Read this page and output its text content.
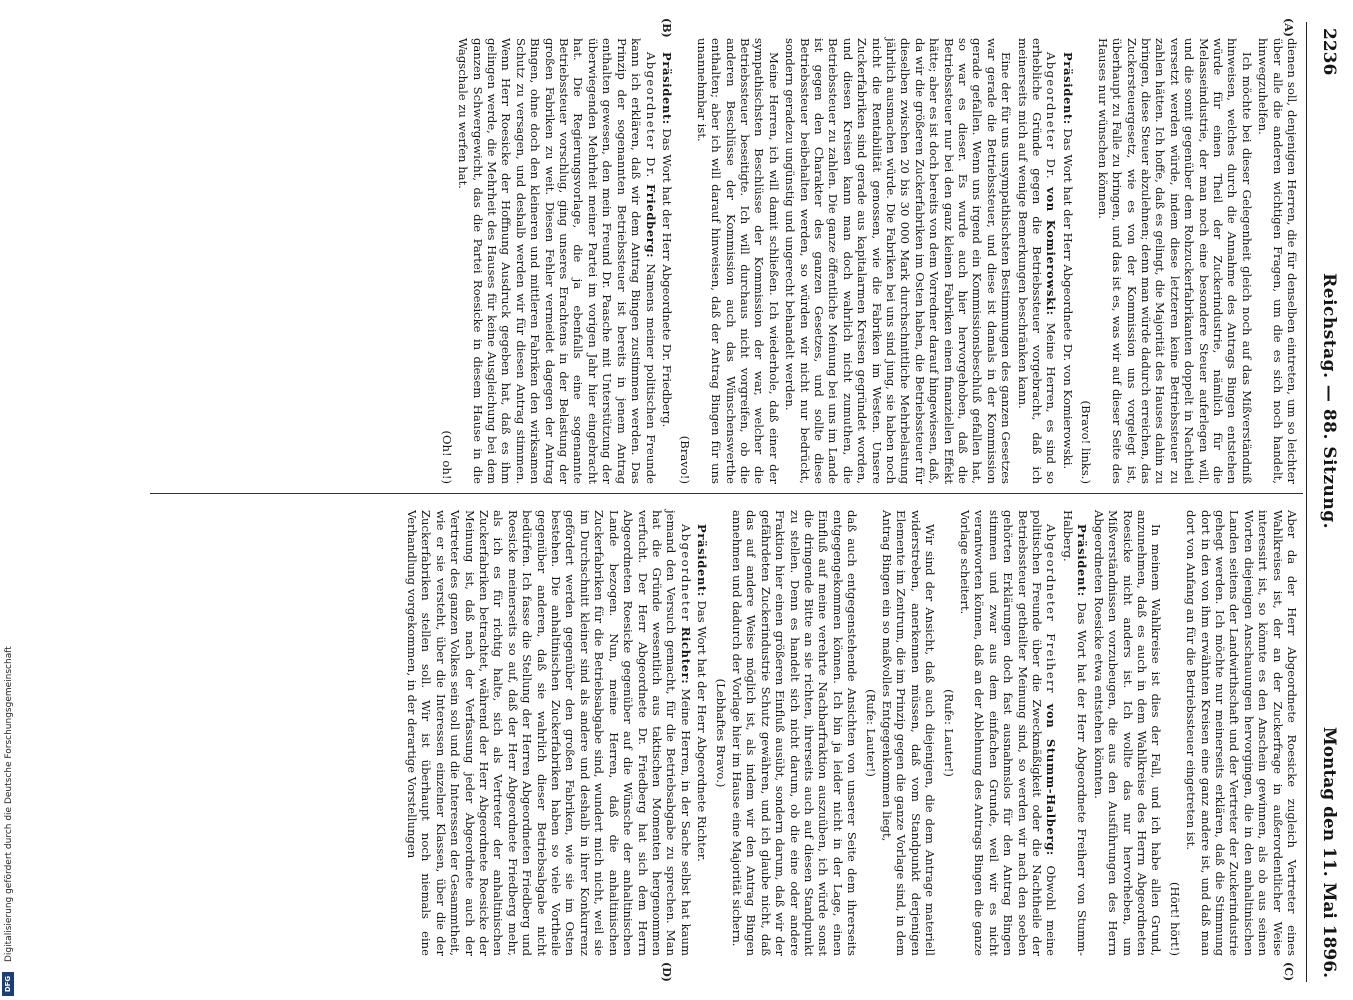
2236
Reichstag. — 88. Sitzung.
Montag den 11. Mai 1896.
(A)
(B)
(C)
(D)

dienen soll, denjenigen Herren, die für denselben eintreten, um so leichter über alle die anderen wichtigen Fragen, um die es sich noch handelt, hinwegzuhelfen.

Ich möchte bei dieser Gelegenheit gleich noch auf das Mißverständniß hinweisen, welches durch die Annahme des Antrags Bingen entstehen würde für einen Theil der Zuckerindustrie, nämlich für die Melasseindustrie, der man noch eine besondere Steuer auferlegen will, und die somit gegenüber dem Rohzuckerfabrikanten doppelt in Nachtheil versetzt werden würde, indem diese letzteren keine Betriebssteuer zu zahlen hätten. Ich hoffe, daß es gelingt, die Majorität des Hauses dahin zu bringen, diese Steuer abzulehnen; denn man würde dadurch erreichen, das Zuckersteuergesetz, wie es von der Kommission uns vorgelegt ist, überhaupt zu Falle zu bringen, und das ist es, was wir auf dieser Seite des Hauses nur wünschen können.

(Bravo! links.)

Präsident: Das Wort hat der Herr Abgeordnete Dr. von Komierowski.

Abgeordneter Dr. von Komierowski: Meine Herren, es sind so erhebliche Gründe gegen die Betriebssteuer vorgebracht, daß ich meinerseits mich auf wenige Bemerkungen beschränken kann.

Eine der für uns unsympathischsten Bestimmungen des ganzen Gesetzes war gerade die Betriebssteuer, und diese ist damals in der Kommission gerade gefallen. Wenn uns irgend ein Kommissionsbeschluß gefallen hat, so war es dieser. Es wurde auch hier hervorgehoben, daß die Betriebssteuer nur bei den ganz kleinen Fabriken einen finanziellen Effekt hätte; aber es ist doch bereits von dem Vorredner darauf hingewiesen, daß, da wir die größeren Zuckerfabriken im Osten haben, die Betriebssteuer für dieselben zwischen 20 bis 30 000 Mark durchschnittliche Mehrbelastung jährlich ausmachen würde. Die Fabriken bei uns sind jung, sie haben noch nicht die Rentabilität genossen, wie die Fabriken im Westen. Unsere Zuckerfabriken sind gerade aus kapitalarmen Kreisen gegründet worden, und diesen Kreisen kann man doch wahrlich nicht zumuthen, die Betriebssteuer zu zahlen. Die ganze öffentliche Meinung bei uns im Lande ist gegen den Charakter des ganzen Gesetzes, und sollte diese Betriebssteuer beibehalten werden, so würden wir nicht nur bedrückt, sondern geradezu ungünstig und ungerecht behandelt werden.

Meine Herren, ich will damit schließen. Ich wiederhole, daß einer der sympathischsten Beschlüsse der Kommission der war, welcher die Betriebssteuer beseitigte. Ich will durchaus nicht vorgreifen, ob die anderen Beschlüsse der Kommission auch das Wünschenswerthe enthalten; aber ich will darauf hinweisen, daß der Antrag Bingen für uns unannehmbar ist.

(Bravo!)

Präsident: Das Wort hat der Herr Abgeordnete Dr. Friedberg.

Abgeordneter Dr. Friedberg: Namens meiner politischen Freunde kann ich erklären, daß wir dem Antrag Bingen zustimmen werden. Das Prinzip der sogenannten Betriebssteuer ist bereits in jenem Antrag enthalten gewesen, den mein Freund Dr. Paasche mit Unterstützung der überwiegenden Mehrheit meiner Partei im vorigen Jahr hier eingebracht hat. Die Regierungsvorlage, die ja ebenfalls eine sogenannte Betriebssteuer vorschlug, ging unseres Erachtens in der Belastung der großen Fabriken zu weit. Diesen Fehler vermeidet dagegen der Antrag Bingen, ohne doch den kleineren und mittleren Fabriken den wirksamen Schutz zu versagen, und deshalb werden wir für diesen Antrag stimmen. Wenn Herr Roesicke der Hoffnung Ausdruck gegeben hat, daß es ihm gelingen werde, die Mehrheit des Hauses für keine Ausgleichung bei dem ganzen Schwergewicht, das die Partei Roesicke in diesem Hause in die Wagschale zu werfen hat.

(Oh! oh!)

Aber da der Herr Abgeordnete Roesicke zugleich Vertreter eines Wahlkreises ist, der an der Zuckerfrage in außerordentlicher Weise interessirt ist, so könnte es den Anschein gewinnen, als ob aus seinen Worten diejenigen Anschauungen hervorgingen, die in den anhaltinischen Landen seitens der Landwirthschaft und der Vertreter der Zuckerindustrie gehegt werden. Ich möchte nur meinerseits erklären, daß die Stimmung dort in den von ihm erwähnten Kreisen eine ganz andere ist, und daß man dort von Anfang an für die Betriebssteuer eingetreten ist.

(Hört! hört!)

In meinem Wahlkreise ist dies der Fall, und ich habe allen Grund, anzunehmen, daß es auch in dem Wahlkreise des Herrn Abgeordneten Roesicke nicht anders ist. Ich wollte das nur hervorheben, um Mißverständnissen vorzubeugen, die aus den Ausführungen des Herrn Abgeordneten Roesicke etwa entstehen könnten.

Präsident: Das Wort hat der Herr Abgeordnete Freiherr von Stumm-Halberg.

Abgeordneter Freiherr von Stumm-Halberg: Obwohl meine politischen Freunde über die Zweckmäßigkeit oder die Nachtheile der Betriebssteuer getheilter Meinung sind, so werden wir nach den soeben gehörten Erklärungen doch fast ausnahmslos für den Antrag Bingen stimmen und zwar aus dem einfachen Grunde, weil wir es nicht verantworten können, daß an der Ablehnung des Antrags Bingen die ganze Vorlage scheitert.

(Rufe: Lauter!)

Wir sind der Ansicht, daß auch diejenigen, die dem Antrage materiell widerstreben, anerkennen müssen, daß vom Standpunkt derjenigen Elemente im Zentrum, die im Prinzip gegen die ganze Vorlage sind, in dem Antrag Bingen ein so maßvolles Entgegenkommen liegt,

(Rufe: Lauter!)

daß auch entgegenstehende Ansichten von unserer Seite dem ihrerseits entgegengekommen können. Ich bin ja leider nicht in der Lage, einen Einfluß auf meine verehrte Nachbarfraktion auszuüben, ich würde sonst die dringende Bitte an sie richten, ihrerseits auch auf diesen Standpunkt zu stellen. Denn es handelt sich nicht darum, ob die eine oder andere Fraktion hier einen größeren Einfluß ausübt, sondern darum, daß wir der gefährdeten Zuckerindustrie Schutz gewähren, und ich glaube nicht, daß das auf andere Weise möglich ist, als indem wir den Antrag Bingen annehmen und dadurch der Vorlage hier im Hause eine Majorität sichern.

(Lebhaftes Bravo.)

Präsident: Das Wort hat der Herr Abgeordnete Richter.

Abgeordneter Richter: Meine Herren, in der Sache selbst hat kaum jemand den Versuch gemacht, für die Betriebsabgabe zu sprechen. Man hat die Gründe wesentlich aus taktischen Momenten hergenommen verfucht. Der Herr Abgeordnete Dr. Friedberg hat sich dem Herrn Abgeordneten Roesicke gegenüber auf die Wünsche der anhaltinischen Lande bezogen. Nun, meine Herren, daß die anhaltinischen Zuckerfabriken für die Betriebsabgabe sind, wundert mich nicht, weil sie im Durchschnitt kleiner sind als andere und deshalb in ihrer Konkurrenz gefördert werden gegenüber den großen Fabriken, wie sie im Osten bestehen. Die anhaltinischen Zuckerfabriken haben so viele Vortheile gegenüber anderen, daß sie wahrlich dieser Betriebsabgabe nicht bedürfen. Ich fasse die Stellung der Herren Abgeordneten Friedberg und Roesicke meinerseits so auf, daß der Herr Abgeordnete Friedberg mehr, als ich es für richtig halte, sich als Vertreter der anhaltinischen Zuckerfabriken betrachtet, während der Herr Abgeordnete Roesicke der Meinung ist, daß nach der Verfassung jeder Abgeordnete auch der Vertreter des ganzen Volkes sein soll und die Interessen der Gesammtheit, wie er sie versteht, über die Interessen einzelner Klassen, über die der Zuckerfabriken stellen soll. Wir ist überhaupt noch niemals eine Verhandlung vorgekommen, in der derartige Vorstellungen

Digitalisierung gefördert durch die Deutsche Forschungsgemeinschaft
DFG
